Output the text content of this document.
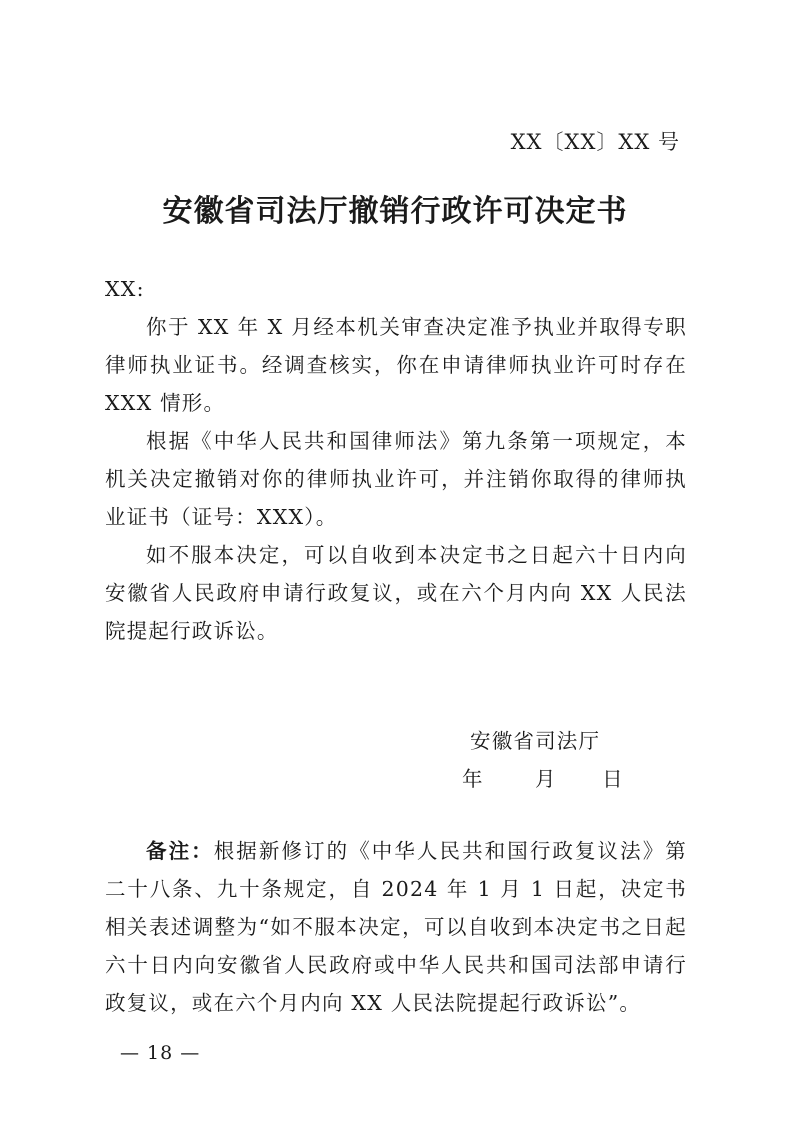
XX〔XX〕XX 号
安徽省司法厅撤销行政许可决定书

XX:

你于 XX 年 X 月经本机关审查决定准予执业并取得专职律师执业证书。经调查核实，你在申请律师执业许可时存在 XXX 情形。

根据《中华人民共和国律师法》第九条第一项规定，本机关决定撤销对你的律师执业许可，并注销你取得的律师执业证书（证号：XXX）。

如不服本决定，可以自收到本决定书之日起六十日内向安徽省人民政府申请行政复议，或在六个月内向 XX 人民法院提起行政诉讼。

安徽省司法厅
年	月 日

备注：根据新修订的《中华人民共和国行政复议法》第二十八条、九十条规定，自 2024 年 1 月 1 日起，决定书相关表述调整为“如不服本决定，可以自收到本决定书之日起六十日内向安徽省人民政府或中华人民共和国司法部申请行政复议，或在六个月内向 XX 人民法院提起行政诉讼”。

— 18 —
